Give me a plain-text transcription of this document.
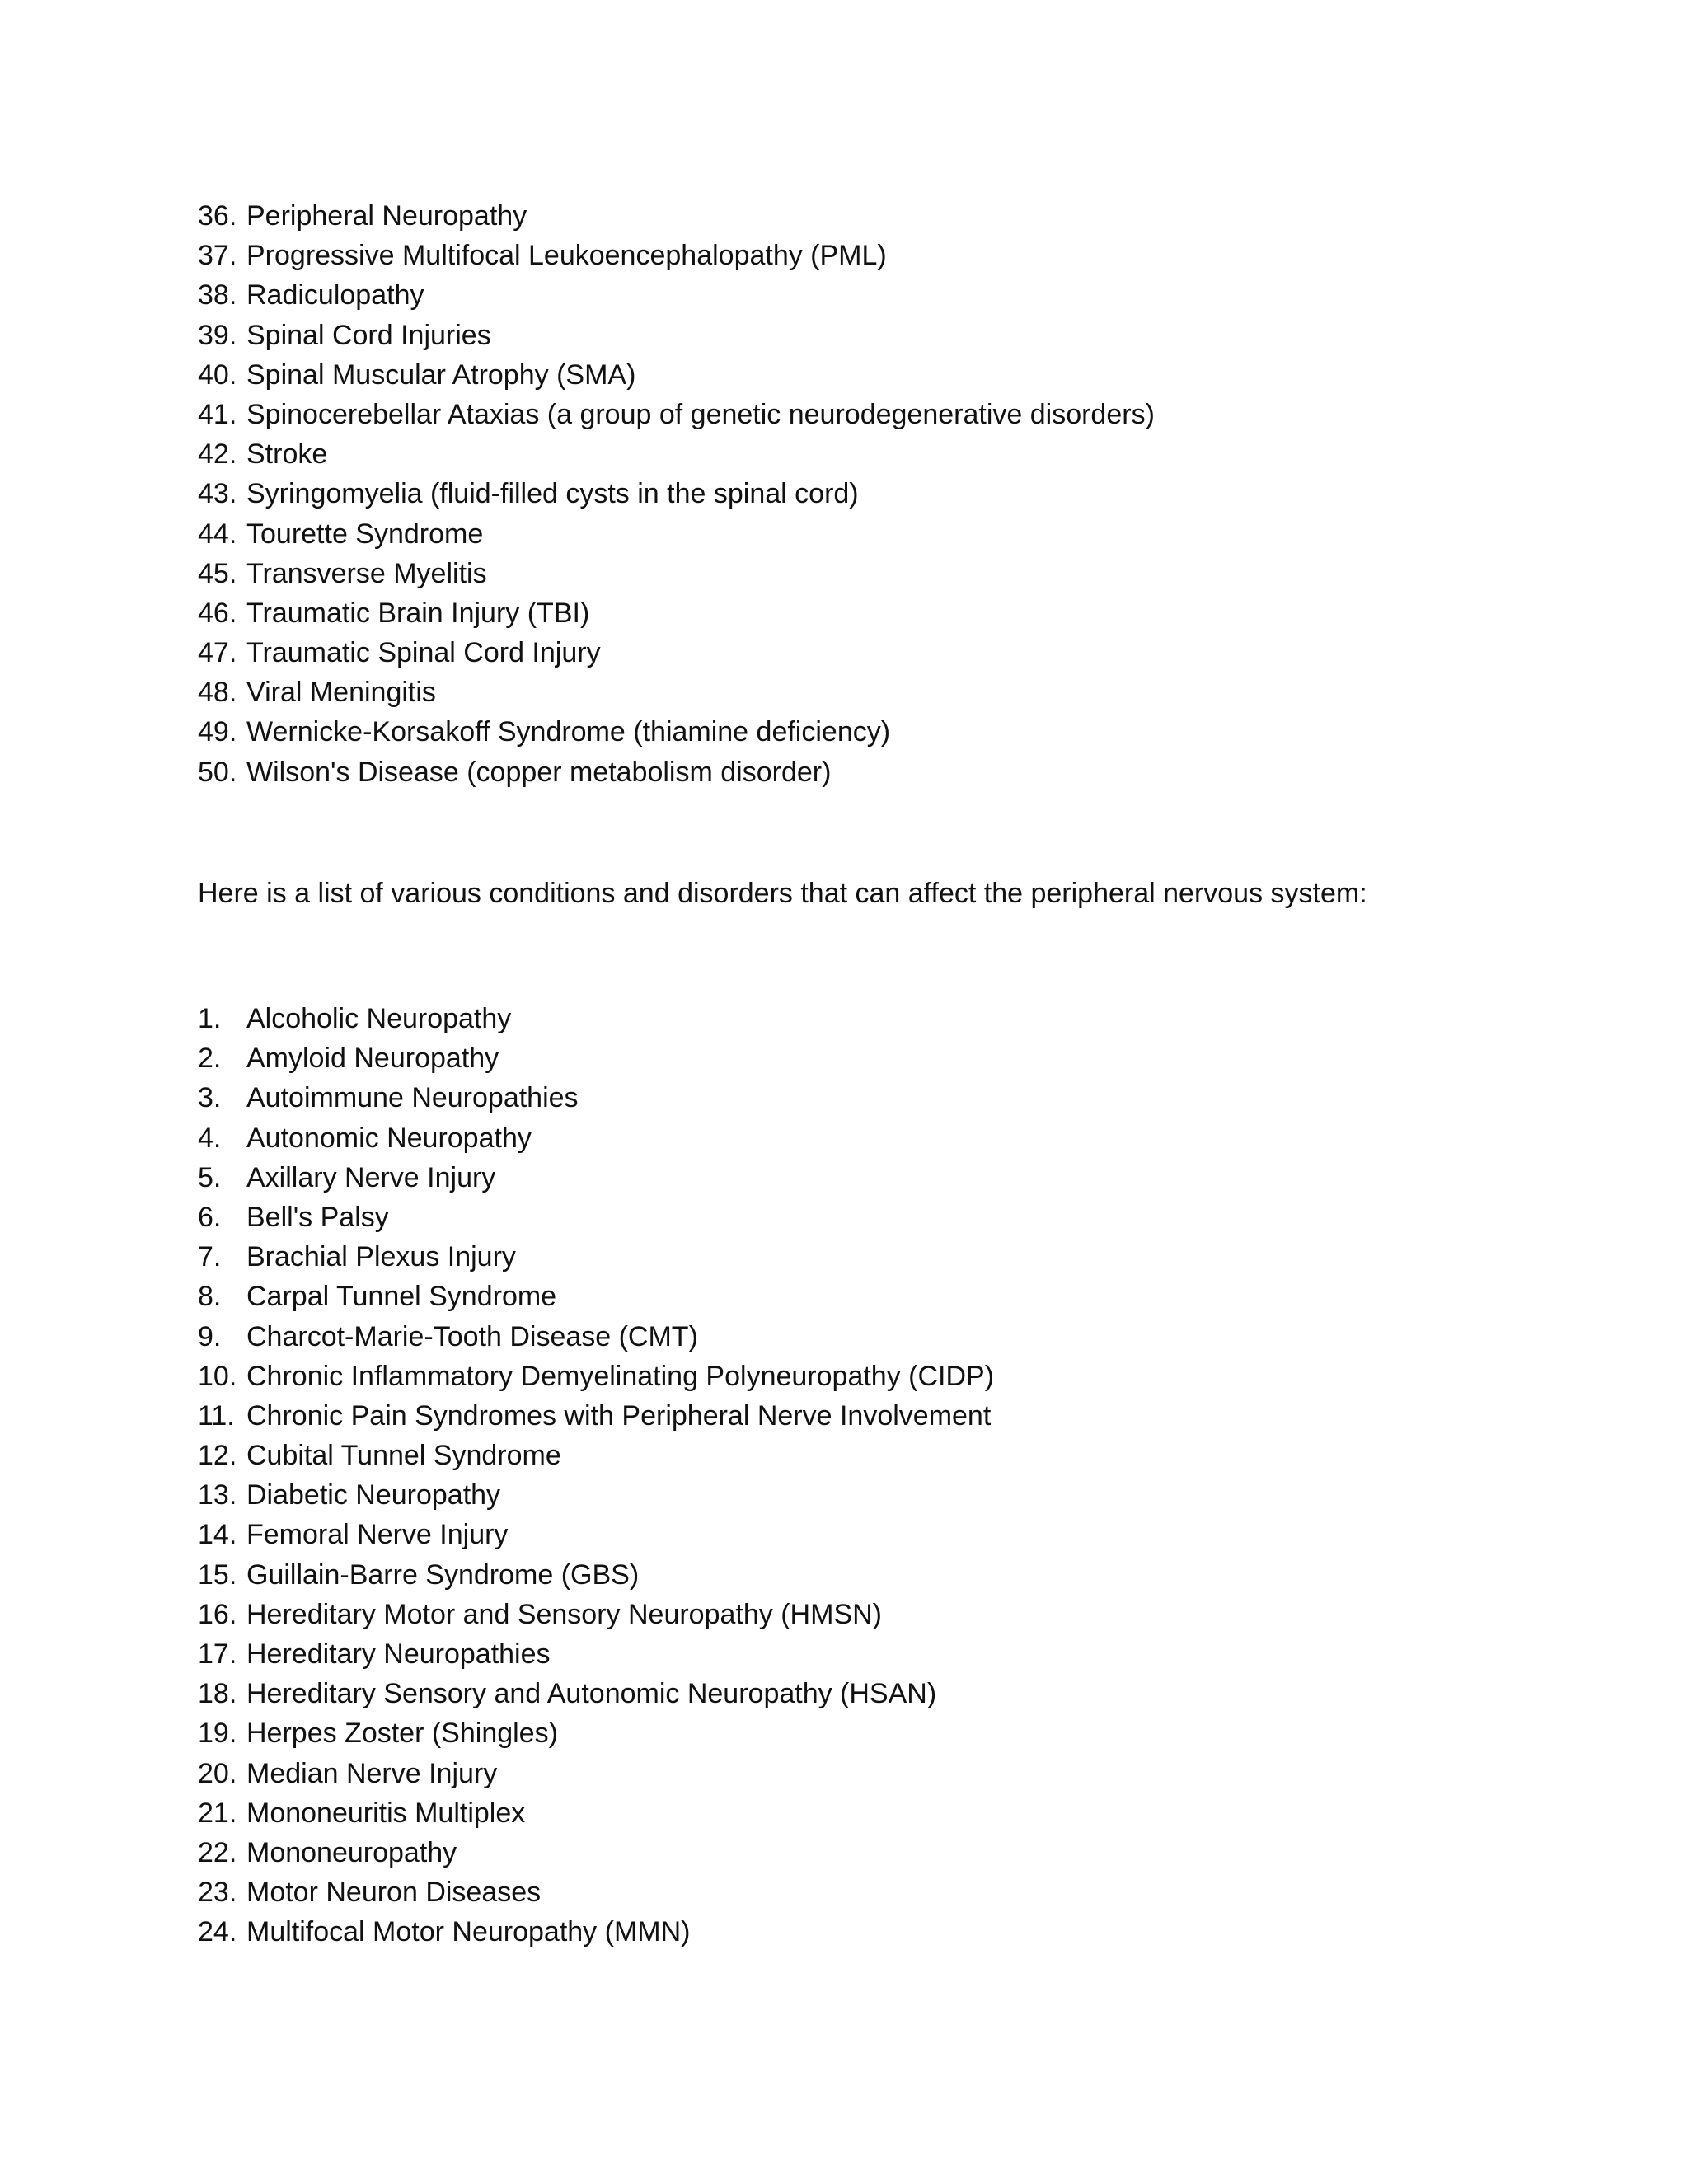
36. Peripheral Neuropathy
37. Progressive Multifocal Leukoencephalopathy (PML)
38. Radiculopathy
39. Spinal Cord Injuries
40. Spinal Muscular Atrophy (SMA)
41. Spinocerebellar Ataxias (a group of genetic neurodegenerative disorders)
42. Stroke
43. Syringomyelia (fluid-filled cysts in the spinal cord)
44. Tourette Syndrome
45. Transverse Myelitis
46. Traumatic Brain Injury (TBI)
47. Traumatic Spinal Cord Injury
48. Viral Meningitis
49. Wernicke-Korsakoff Syndrome (thiamine deficiency)
50. Wilson's Disease (copper metabolism disorder)

Here is a list of various conditions and disorders that can affect the peripheral nervous system:

1. Alcoholic Neuropathy
2. Amyloid Neuropathy
3. Autoimmune Neuropathies
4. Autonomic Neuropathy
5. Axillary Nerve Injury
6. Bell's Palsy
7. Brachial Plexus Injury
8. Carpal Tunnel Syndrome
9. Charcot-Marie-Tooth Disease (CMT)
10. Chronic Inflammatory Demyelinating Polyneuropathy (CIDP)
11. Chronic Pain Syndromes with Peripheral Nerve Involvement
12. Cubital Tunnel Syndrome
13. Diabetic Neuropathy
14. Femoral Nerve Injury
15. Guillain-Barre Syndrome (GBS)
16. Hereditary Motor and Sensory Neuropathy (HMSN)
17. Hereditary Neuropathies
18. Hereditary Sensory and Autonomic Neuropathy (HSAN)
19. Herpes Zoster (Shingles)
20. Median Nerve Injury
21. Mononeuritis Multiplex
22. Mononeuropathy
23. Motor Neuron Diseases
24. Multifocal Motor Neuropathy (MMN)
